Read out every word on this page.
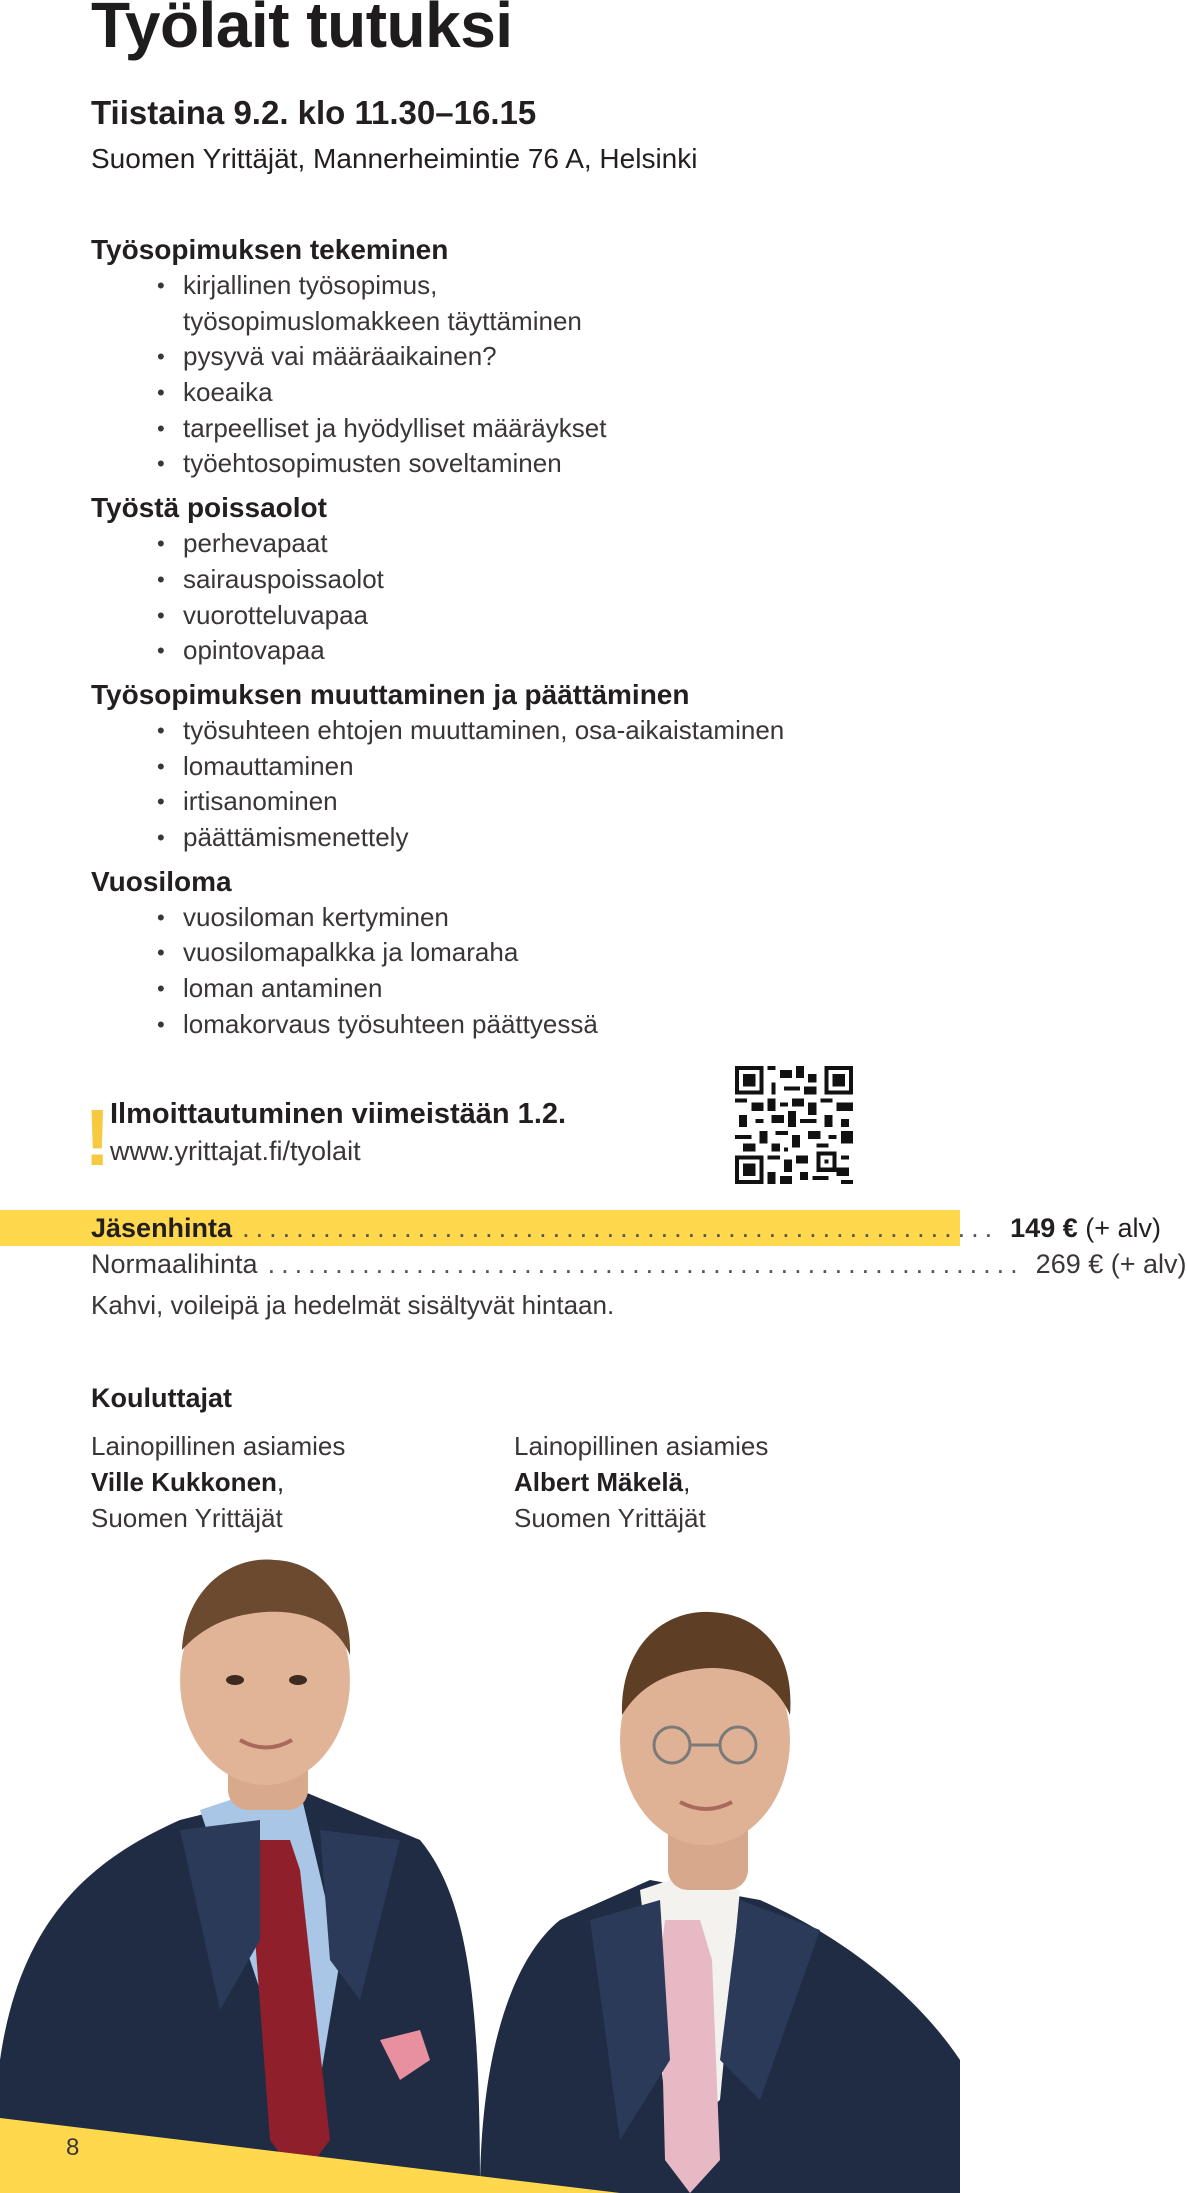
Työlait tutuksi
Tiistaina 9.2. klo 11.30–16.15
Suomen Yrittäjät, Mannerheimintie 76 A, Helsinki
Työsopimuksen tekeminen
• kirjallinen työsopimus,
työsopimuslomakkeen täyttäminen
• pysyvä vai määräaikainen?
• koeaika
• tarpeelliset ja hyödylliset määräykset
• työehtosopimusten soveltaminen
Työstä poissaolot
• perhevapaat
• sairauspoissaolot
• vuorotteluvapaa
• opintovapaa
Työsopimuksen muuttaminen ja päättäminen
• työsuhteen ehtojen muuttaminen, osa-aikaistaminen
• lomauttaminen
• irtisanominen
• päättämismenettely
Vuosiloma
• vuosiloman kertyminen
• vuosilomapalkka ja lomaraha
• loman antaminen
• lomakorvaus työsuhteen päättyessä
! Ilmoittautuminen viimeistään 1.2.
www.yrittajat.fi/tyolait
Jäsenhinta ........................................................ 149 € (+ alv)
Normaalihinta ........................................................ 269 € (+ alv)
Kahvi, voileipä ja hedelmät sisältyvät hintaan.
Kouluttajat
Lainopillinen asiamies
Ville Kukkonen,
Suomen Yrittäjät
Lainopillinen asiamies
Albert Mäkelä,
Suomen Yrittäjät
8
